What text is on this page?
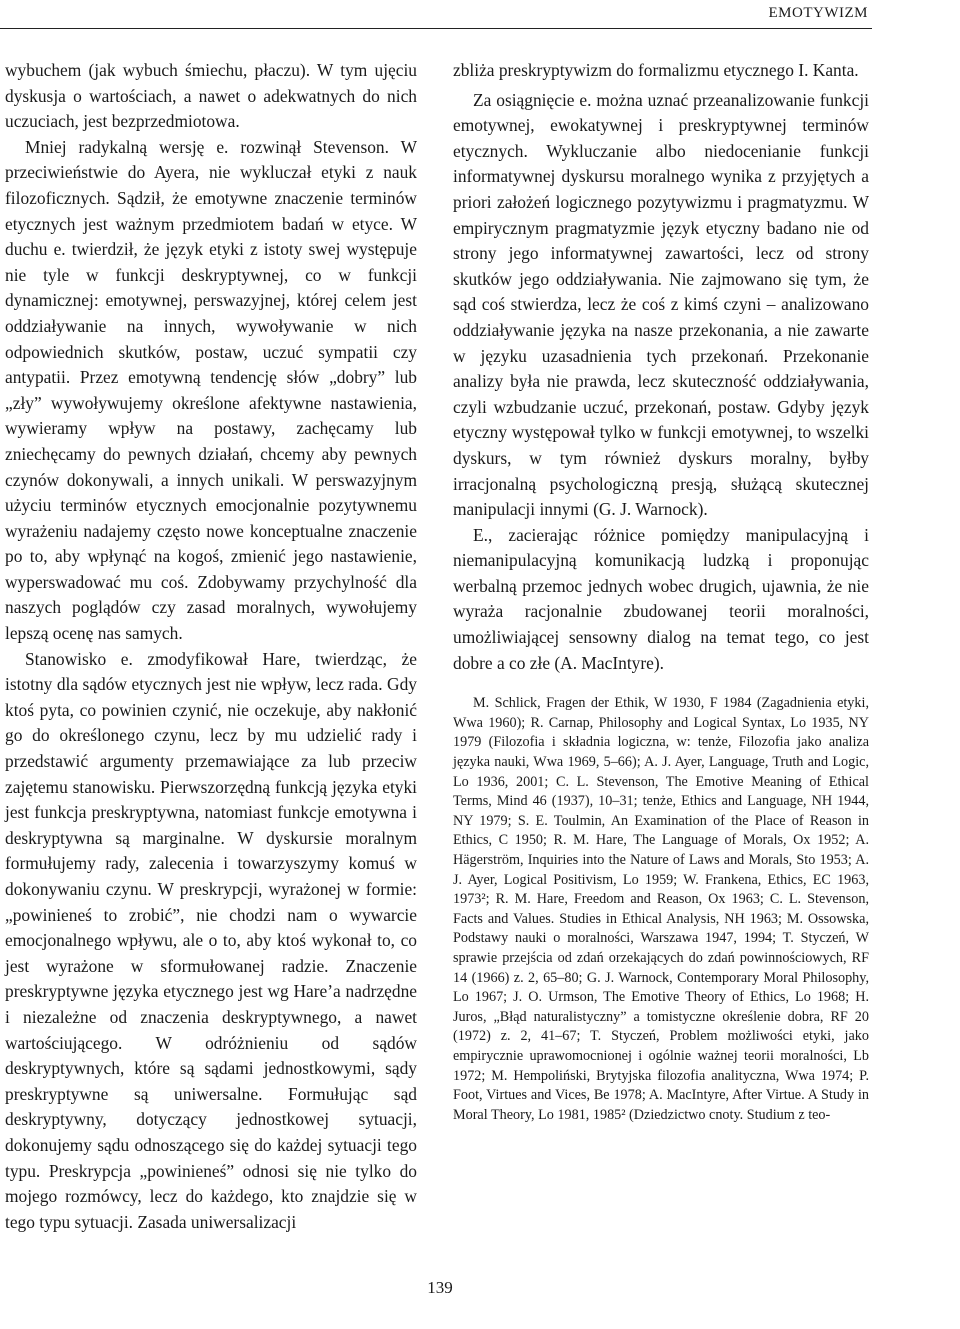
EMOTYWIZM

wybuchem (jak wybuch śmiechu, płaczu). W tym ujęciu dyskusja o wartościach, a nawet o adekwatnych do nich uczuciach, jest bezprzedmiotowa.

Mniej radykalną wersję e. rozwinął Stevenson. W przeciwieństwie do Ayera, nie wykluczał etyki z nauk filozoficznych. Sądził, że emotywne znaczenie terminów etycznych jest ważnym przedmiotem badań w etyce. W duchu e. twierdził, że język etyki z istoty swej występuje nie tyle w funkcji deskryptywnej, co w funkcji dynamicznej: emotywnej, perswazyjnej, której celem jest oddziaływanie na innych, wywoływanie w nich odpowiednich skutków, postaw, uczuć sympatii czy antypatii. Przez emotywną tendencję słów „dobry” lub „zły” wywoływujemy określone afektywne nastawienia, wywieramy wpływ na postawy, zachęcamy lub zniechęcamy do pewnych działań, chcemy aby pewnych czynów dokonywali, a innych unikali. W perswazyjnym użyciu terminów etycznych emocjonalnie pozytywnemu wyrażeniu nadajemy często nowe konceptualne znaczenie po to, aby wpłynąć na kogoś, zmienić jego nastawienie, wyperswadować mu coś. Zdobywamy przychylność dla naszych poglądów czy zasad moralnych, wywołujemy lepszą ocenę nas samych.

Stanowisko e. zmodyfikował Hare, twierdząc, że istotny dla sądów etycznych jest nie wpływ, lecz rada. Gdy ktoś pyta, co powinien czynić, nie oczekuje, aby nakłonić go do określonego czynu, lecz by mu udzielić rady i przedstawić argumenty przemawiające za lub przeciw zajętemu stanowisku. Pierwszorzędną funkcją języka etyki jest funkcja preskryptywna, natomiast funkcje emotywna i deskryptywna są marginalne. W dyskursie moralnym formułujemy rady, zalecenia i towarzyszymy komuś w dokonywaniu czynu. W preskrypcji, wyrażonej w formie: „powinieneś to zrobić”, nie chodzi nam o wywarcie emocjonalnego wpływu, ale o to, aby ktoś wykonał to, co jest wyrażone w sformułowanej radzie. Znaczenie preskryptywne języka etycznego jest wg Hare’a nadrzędne i niezależne od znaczenia deskryptywnego, a nawet wartościującego. W odróżnieniu od sądów deskryptywnych, które są sądami jednostkowymi, sądy preskryptywne są uniwersalne. Formułując sąd deskryptywny, dotyczący jednostkowej sytuacji, dokonujemy sądu odnoszącego się do każdej sytuacji tego typu. Preskrypcja „powinieneś” odnosi się nie tylko do mojego rozmówcy, lecz do każdego, kto znajdzie się w tego typu sytuacji. Zasada uniwersalizacji

zbliża preskryptywizm do formalizmu etycznego I. Kanta.

Za osiągnięcie e. można uznać przeanalizowanie funkcji emotywnej, ewokatywnej i preskryptywnej terminów etycznych. Wykluczanie albo niedocenianie funkcji informatywnej dyskursu moralnego wynika z przyjętych a priori założeń logicznego pozytywizmu i pragmatyzmu. W empirycznym pragmatyzmie język etyczny badano nie od strony jego informatywnej zawartości, lecz od strony skutków jego oddziaływania. Nie zajmowano się tym, że sąd coś stwierdza, lecz że coś z kimś czyni – analizowano oddziaływanie języka na nasze przekonania, a nie zawarte w języku uzasadnienia tych przekonań. Przekonanie analizy była nie prawda, lecz skuteczność oddziaływania, czyli wzbudzanie uczuć, przekonań, postaw. Gdyby język etyczny występował tylko w funkcji emotywnej, to wszelki dyskurs, w tym również dyskurs moralny, byłby irracjonalną psychologiczną presją, służącą skutecznej manipulacji innymi (G. J. Warnock).

E., zacierając różnice pomiędzy manipulacyjną i niemanipulacyjną komunikacją ludzką i proponując werbalną przemoc jednych wobec drugich, ujawnia, że nie wyraża racjonalnie zbudowanej teorii moralności, umożliwiającej sensowny dialog na temat tego, co jest dobre a co złe (A. MacIntyre).

M. Schlick, Fragen der Ethik, W 1930, F 1984 (Zagadnienia etyki, Wwa 1960); R. Carnap, Philosophy and Logical Syntax, Lo 1935, NY 1979 (Filozofia i składnia logiczna, w: tenże, Filozofia jako analiza języka nauki, Wwa 1969, 5–66); A. J. Ayer, Language, Truth and Logic, Lo 1936, 2001; C. L. Stevenson, The Emotive Meaning of Ethical Terms, Mind 46 (1937), 10–31; tenże, Ethics and Language, NH 1944, NY 1979; S. E. Toulmin, An Examination of the Place of Reason in Ethics, C 1950; R. M. Hare, The Language of Morals, Ox 1952; A. Hägerström, Inquiries into the Nature of Laws and Morals, Sto 1953; A. J. Ayer, Logical Positivism, Lo 1959; W. Frankena, Ethics, EC 1963, 1973²; R. M. Hare, Freedom and Reason, Ox 1963; C. L. Stevenson, Facts and Values. Studies in Ethical Analysis, NH 1963; M. Ossowska, Podstawy nauki o moralności, Warszawa 1947, 1994; T. Styczeń, W sprawie przejścia od zdań orzekających do zdań powinnościowych, RF 14 (1966) z. 2, 65–80; G. J. Warnock, Contemporary Moral Philosophy, Lo 1967; J. O. Urmson, The Emotive Theory of Ethics, Lo 1968; H. Juros, „Błąd naturalistyczny” a tomistyczne określenie dobra, RF 20 (1972) z. 2, 41–67; T. Styczeń, Problem możliwości etyki, jako empirycznie uprawomocnionej i ogólnie ważnej teorii moralności, Lb 1972; M. Hempoliński, Brytyjska filozofia analityczna, Wwa 1974; P. Foot, Virtues and Vices, Be 1978; A. MacIntyre, After Virtue. A Study in Moral Theory, Lo 1981, 1985² (Dziedzictwo cnoty. Studium z teo-

139
